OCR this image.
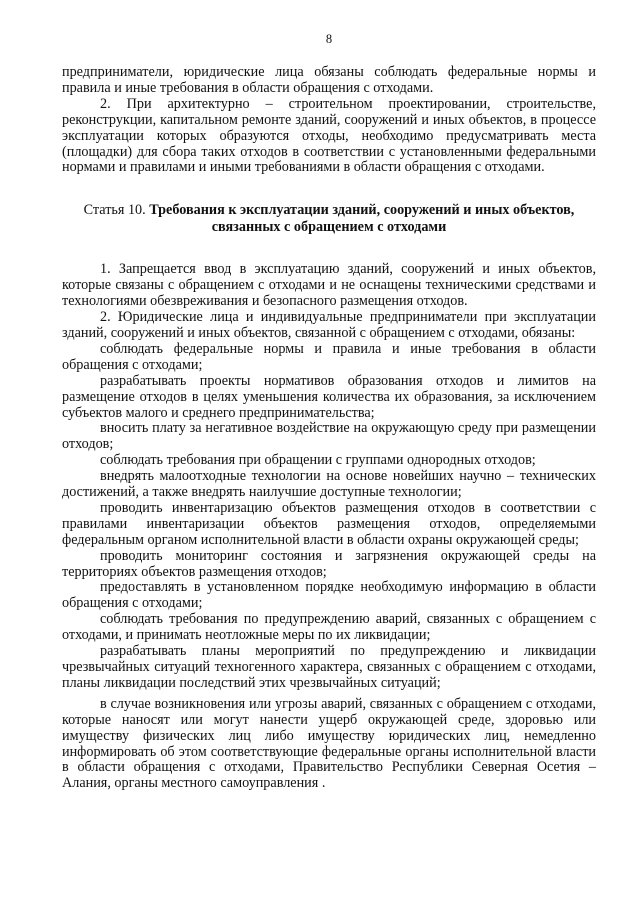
8

предприниматели, юридические лица обязаны соблюдать федеральные нормы и правила и иные требования в области обращения с отходами.

2. При архитектурно – строительном проектировании, строительстве, реконструкции, капитальном ремонте зданий, сооружений и иных объектов, в процессе эксплуатации которых образуются отходы, необходимо предусматривать места (площадки) для сбора таких отходов в соответствии с установленными федеральными нормами и правилами и иными требованиями в области обращения с отходами.

Статья 10. Требования к эксплуатации зданий, сооружений и иных объектов, связанных с обращением с отходами

1. Запрещается ввод в эксплуатацию зданий, сооружений и иных объектов, которые связаны с обращением с отходами и не оснащены техническими средствами и технологиями обезвреживания и безопасного размещения отходов.

2. Юридические лица и индивидуальные предприниматели при эксплуатации зданий, сооружений и иных объектов, связанной с обращением с отходами, обязаны:

соблюдать федеральные нормы и правила и иные требования в области обращения с отходами;

разрабатывать проекты нормативов образования отходов и лимитов на размещение отходов в целях уменьшения количества их образования, за исключением субъектов малого и среднего предпринимательства;

вносить плату за негативное воздействие на окружающую среду при размещении отходов;

соблюдать требования при обращении с группами однородных отходов;

внедрять малоотходные технологии на основе новейших научно – технических достижений, а также внедрять наилучшие доступные технологии;

проводить инвентаризацию объектов размещения отходов в соответствии с правилами инвентаризации объектов размещения отходов, определяемыми федеральным органом исполнительной власти в области охраны окружающей среды;

проводить мониторинг состояния и загрязнения окружающей среды на территориях объектов размещения отходов;

предоставлять в установленном порядке необходимую информацию в области обращения с отходами;

соблюдать требования по предупреждению аварий, связанных с обращением с отходами, и принимать неотложные меры по их ликвидации;

разрабатывать планы мероприятий по предупреждению и ликвидации чрезвычайных ситуаций техногенного характера, связанных с обращением с отходами, планы ликвидации последствий этих чрезвычайных ситуаций;

в случае возникновения или угрозы аварий, связанных с обращением с отходами, которые наносят или могут нанести ущерб окружающей среде, здоровью или имуществу физических лиц либо имуществу юридических лиц, немедленно информировать об этом соответствующие федеральные органы исполнительной власти в области обращения с отходами, Правительство Республики Северная Осетия – Алания, органы местного самоуправления .
